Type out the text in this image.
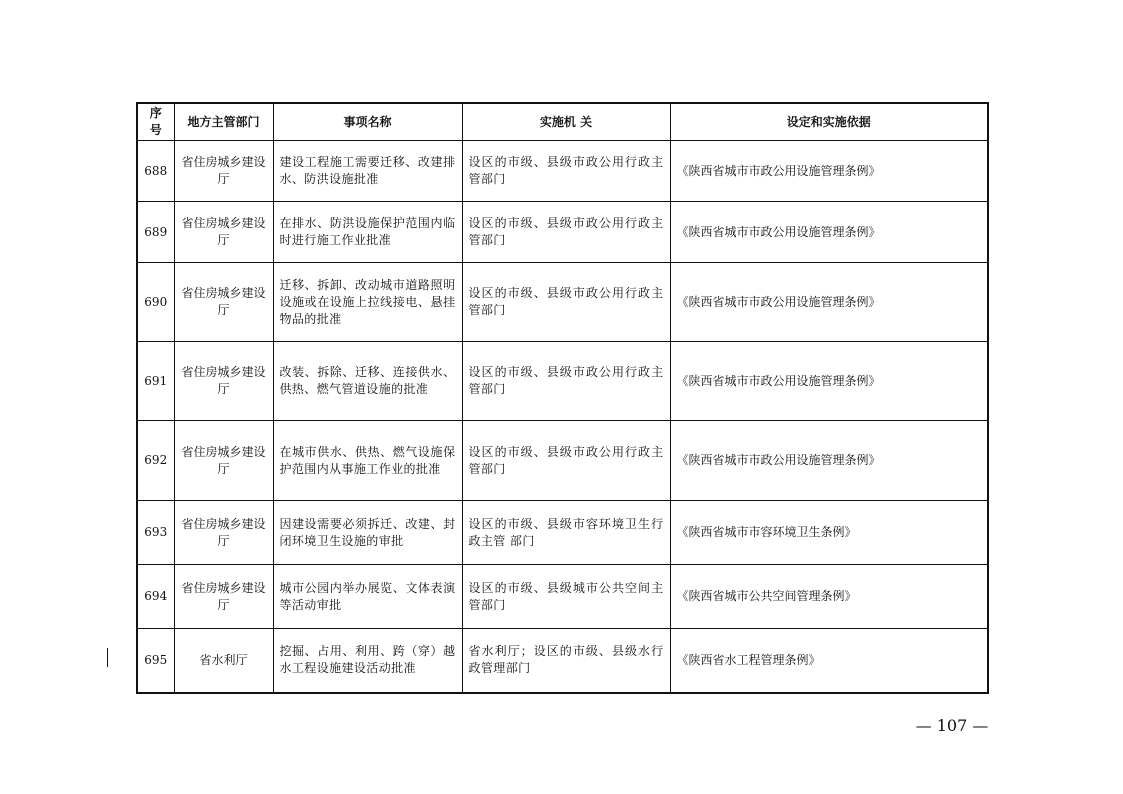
序号	地方主管部门	事项名称	实施机 关	设定和实施依据
688	省住房城乡建设厅	建设工程施工需要迁移、改建排水、防洪设施批准	设区的市级、县级市政公用行政主管部门	《陕西省城市市政公用设施管理条例》
689	省住房城乡建设厅	在排水、防洪设施保护范围内临时进行施工作业批准	设区的市级、县级市政公用行政主管部门	《陕西省城市市政公用设施管理条例》
690	省住房城乡建设厅	迁移、拆卸、改动城市道路照明设施或在设施上拉线接电、悬挂物品的批准	设区的市级、县级市政公用行政主管部门	《陕西省城市市政公用设施管理条例》
691	省住房城乡建设厅	改装、拆除、迁移、连接供水、供热、燃气管道设施的批准	设区的市级、县级市政公用行政主管部门	《陕西省城市市政公用设施管理条例》
692	省住房城乡建设厅	在城市供水、供热、燃气设施保护范围内从事施工作业的批准	设区的市级、县级市政公用行政主管部门	《陕西省城市市政公用设施管理条例》
693	省住房城乡建设厅	因建设需要必须拆迁、改建、封闭环境卫生设施的审批	设区的市级、县级市容环境卫生行政主管 部门	《陕西省城市市容环境卫生条例》
694	省住房城乡建设厅	城市公园内举办展览、文体表演等活动审批	设区的市级、县级城市公共空间主管部门	《陕西省城市公共空间管理条例》
695	省水利厅	挖掘、占用、利用、跨（穿）越水工程设施建设活动批准	省水利厅；设区的市级、县级水行政管理部门	《陕西省水工程管理条例》
— 107 —
